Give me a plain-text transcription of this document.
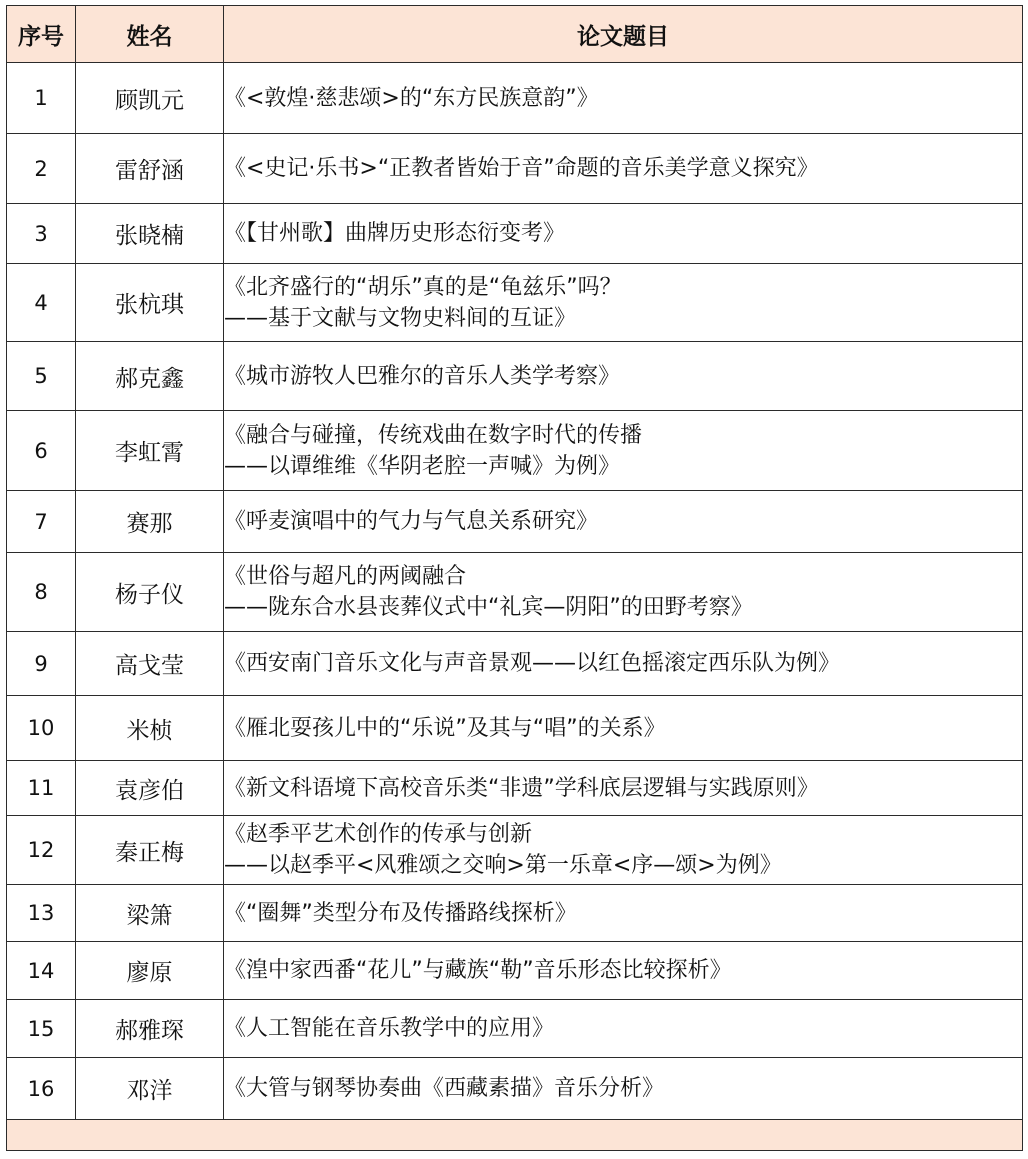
序号	姓名	论文题目
1	顾凯元	《<敦煌·慈悲颂>的“东方民族意韵”》

2	雷舒涵	《<史记·乐书>“正教者皆始于音”命题的音乐美学意义探究》

3	张晓楠	《【甘州歌】曲牌历史形态衍变考》

4	张杭琪	《北齐盛行的“胡乐”真的是“龟兹乐”吗？
——基于文献与文物史料间的互证》

5	郝克鑫	《城市游牧人巴雅尔的音乐人类学考察》

6	李虹霄	《融合与碰撞，传统戏曲在数字时代的传播
——以谭维维《华阴老腔一声喊》为例》

7	赛那	《呼麦演唱中的气力与气息关系研究》

8	杨子仪	《世俗与超凡的两阈融合
——陇东合水县丧葬仪式中“礼宾—阴阳”的田野考察》

9	高戈莹	《西安南门音乐文化与声音景观——以红色摇滚定西乐队为例》

10	米桢	《雁北耍孩儿中的“乐说”及其与“唱”的关系》

11	袁彦伯	《新文科语境下高校音乐类“非遗”学科底层逻辑与实践原则》

12	秦正梅	《赵季平艺术创作的传承与创新
——以赵季平<风雅颂之交响>第一乐章<序—颂>为例》

13	梁箫	《“圈舞”类型分布及传播路线探析》

14	廖原	《湟中家西番“花儿”与藏族“勒”音乐形态比较探析》

15	郝雅琛	《人工智能在音乐教学中的应用》

16	邓洋	《大管与钢琴协奏曲《西藏素描》音乐分析》
